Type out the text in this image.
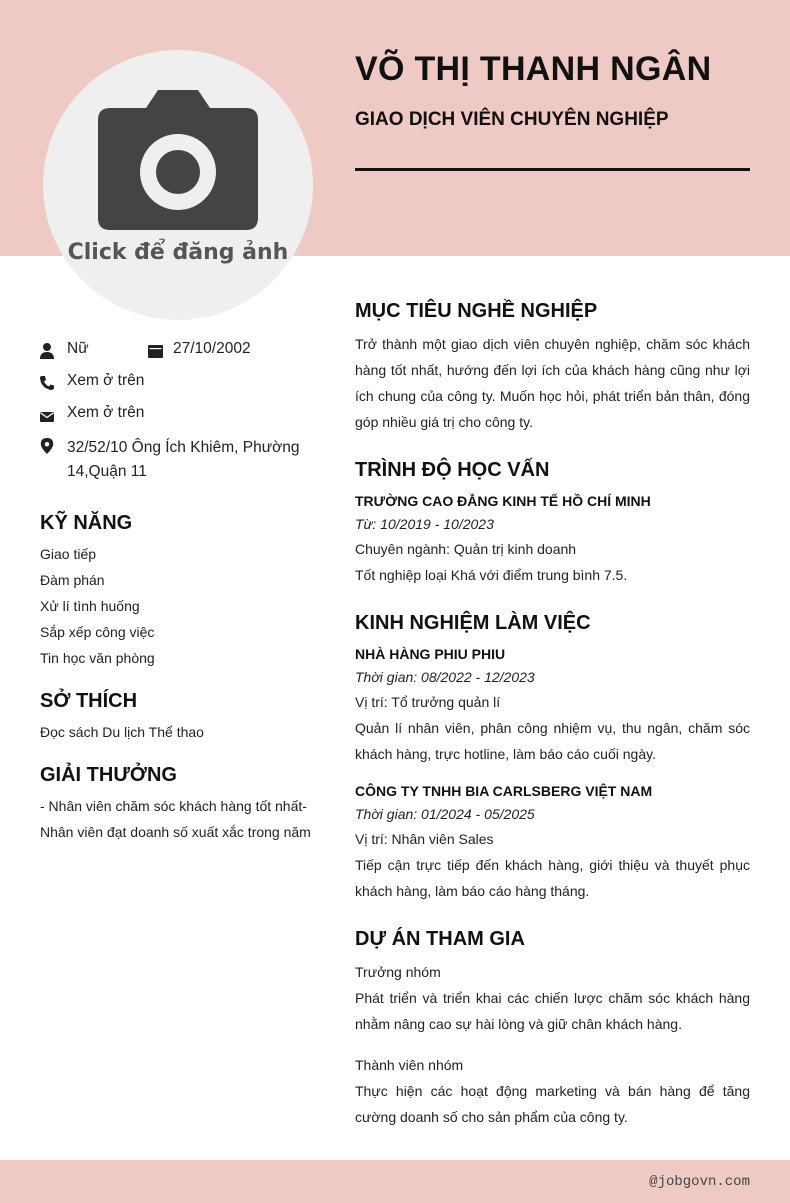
Click để đăng ảnh
VÕ THỊ THANH NGÂN
GIAO DỊCH VIÊN CHUYÊN NGHIỆP
Nữ	27/10/2002
Xem ở trên
Xem ở trên
32/52/10 Ông Ích Khiêm, Phường 14,Quận 11
KỸ NĂNG
Giao tiếp
Đàm phán
Xử lí tình huống
Sắp xếp công việc
Tin học văn phòng
SỞ THÍCH
Đọc sách Du lịch Thể thao
GIẢI THƯỞNG
- Nhân viên chăm sóc khách hàng tốt nhất- Nhân viên đạt doanh số xuất xắc trong năm
MỤC TIÊU NGHỀ NGHIỆP

Trở thành một giao dịch viên chuyên nghiệp, chăm sóc khách hàng tốt nhất, hướng đến lợi ích của khách hàng cũng như lợi ích chung của công ty. Muốn học hỏi, phát triển bản thân, đóng góp nhiều giá trị cho công ty.

TRÌNH ĐỘ HỌC VẤN
TRƯỜNG CAO ĐẲNG KINH TẾ HỒ CHÍ MINH
Từ: 10/2019 - 10/2023

Chuyên ngành: Quản trị kinh doanh

Tốt nghiệp loại Khá với điểm trung bình 7.5.

KINH NGHIỆM LÀM VIỆC
NHÀ HÀNG PHIU PHIU
Thời gian: 08/2022 - 12/2023

Vị trí: Tổ trưởng quản lí

Quản lí nhân viên, phân công nhiệm vụ, thu ngân, chăm sóc khách hàng, trực hotline, làm báo cáo cuối ngày.

CÔNG TY TNHH BIA CARLSBERG VIỆT NAM
Thời gian: 01/2024 - 05/2025

Vị trí: Nhân viên Sales

Tiếp cận trực tiếp đến khách hàng, giới thiệu và thuyết phục khách hàng, làm báo cáo hàng tháng.

DỰ ÁN THAM GIA

Trưởng nhóm

Phát triển và triển khai các chiến lược chăm sóc khách hàng nhằm nâng cao sự hài lòng và giữ chân khách hàng.

Thành viên nhóm

Thực hiện các hoạt động marketing và bán hàng để tăng cường doanh số cho sản phẩm của công ty.

@jobgovn.com
